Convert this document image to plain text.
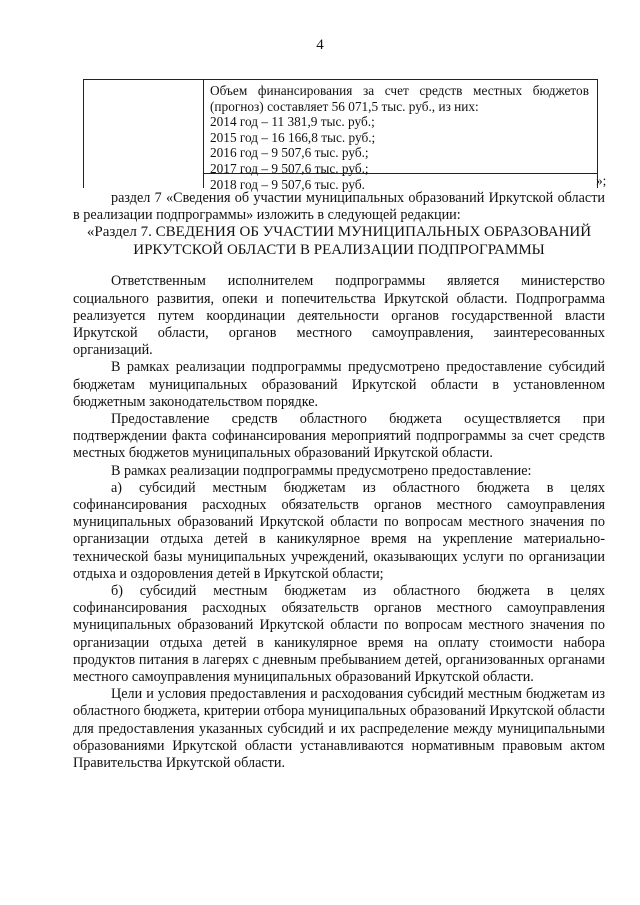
4
Объем финансирования за счет средств местных бюджетов
(прогноз) составляет 56 071,5 тыс. руб., из них:
2014 год – 11 381,9 тыс. руб.;
2015 год – 16 166,8 тыс. руб.;
2016 год – 9 507,6 тыс. руб.;
2017 год – 9 507,6 тыс. руб.;
2018 год – 9 507,6 тыс. руб.	»;

раздел 7 «Сведения об участии муниципальных образований Иркутской области в реализации подпрограммы» изложить в следующей редакции:

«Раздел 7. СВЕДЕНИЯ ОБ УЧАСТИИ МУНИЦИПАЛЬНЫХ ОБРАЗОВАНИЙ ИРКУТСКОЙ ОБЛАСТИ В РЕАЛИЗАЦИИ ПОДПРОГРАММЫ

Ответственным исполнителем подпрограммы является министерство социального развития, опеки и попечительства Иркутской области. Подпрограмма реализуется путем координации деятельности органов государственной власти Иркутской области, органов местного самоуправления, заинтересованных организаций.

В рамках реализации подпрограммы предусмотрено предоставление субсидий бюджетам муниципальных образований Иркутской области в установленном бюджетным законодательством порядке.

Предоставление средств областного бюджета осуществляется при подтверждении факта софинансирования мероприятий подпрограммы за счет средств местных бюджетов муниципальных образований Иркутской области.

В рамках реализации подпрограммы предусмотрено предоставление:

а) субсидий местным бюджетам из областного бюджета в целях софинансирования расходных обязательств органов местного самоуправления муниципальных образований Иркутской области по вопросам местного значения по организации отдыха детей в каникулярное время на укрепление материально-технической базы муниципальных учреждений, оказывающих услуги по организации отдыха и оздоровления детей в Иркутской области;

б) субсидий местным бюджетам из областного бюджета в целях софинансирования расходных обязательств органов местного самоуправления муниципальных образований Иркутской области по вопросам местного значения по организации отдыха детей в каникулярное время на оплату стоимости набора продуктов питания в лагерях с дневным пребыванием детей, организованных органами местного самоуправления муниципальных образований Иркутской области.

Цели и условия предоставления и расходования субсидий местным бюджетам из областного бюджета, критерии отбора муниципальных образований Иркутской области для предоставления указанных субсидий и их распределение между муниципальными образованиями Иркутской области устанавливаются нормативным правовым актом Правительства Иркутской области.
